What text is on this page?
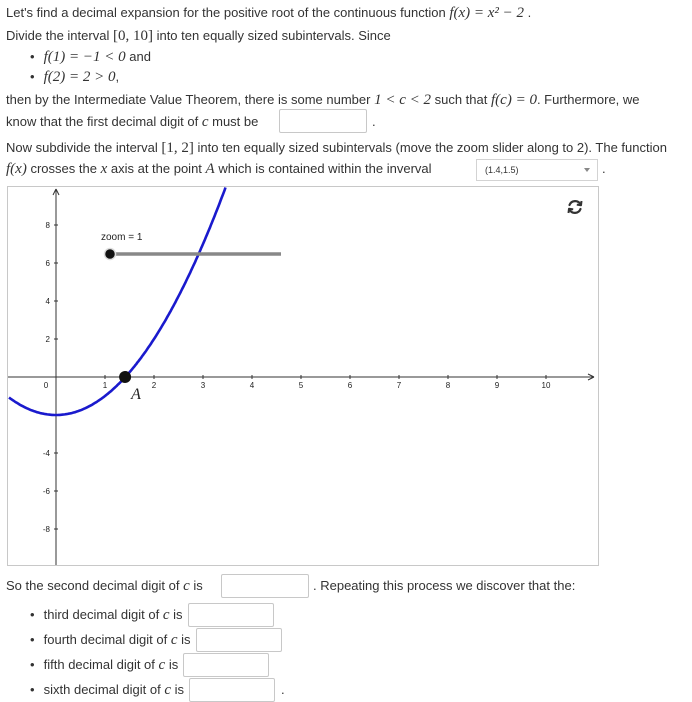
Let's find a decimal expansion for the positive root of the continuous function f(x) = x² − 2 .
Divide the interval [0, 10] into ten equally sized subintervals. Since
• f(1) = −1 < 0 and
• f(2) = 2 > 0,
then by the Intermediate Value Theorem, there is some number 1 < c < 2 such that f(c) = 0. Furthermore, we
know that the first decimal digit of c must be	.
Now subdivide the interval [1, 2] into ten equally sized subintervals (move the zoom slider along to 2). The function
f(x) crosses the x axis at the point A which is contained within the inverval	(1.4,1.5)	.
1	2	3	4	5	6	7	8	9	10
8
6
4
2
0
-4
-6
-8
A
zoom = 1
So the second decimal digit of c is	. Repeating this process we discover that the:
• third decimal digit of c is
• fourth decimal digit of c is
• fifth decimal digit of c is
• sixth decimal digit of c is	.
